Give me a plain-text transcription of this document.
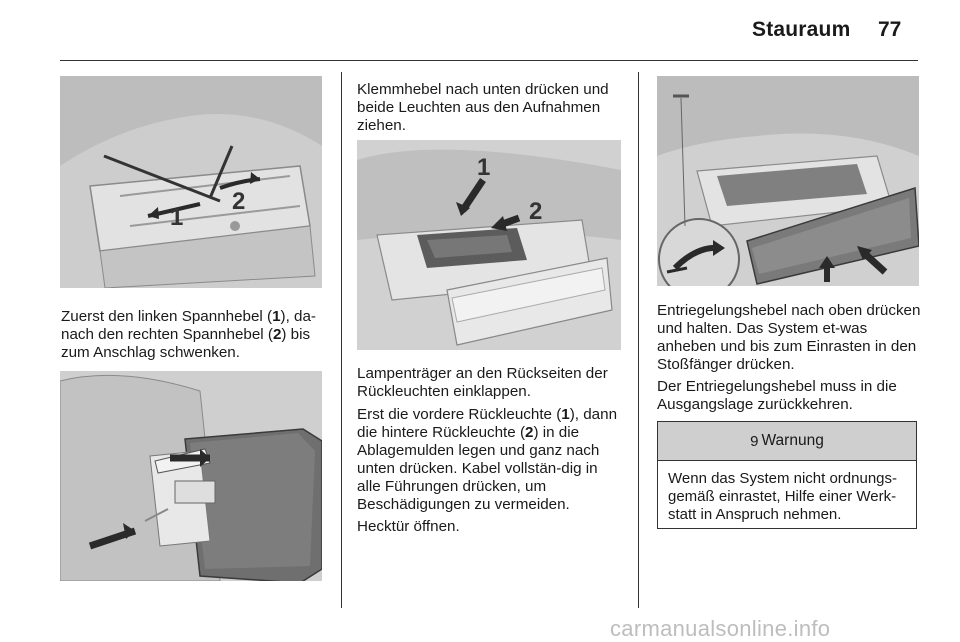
Stauraum 77
1
2

Zuerst den linken Spannhebel (1), da-nach den rechten Spannhebel (2) bis zum Anschlag schwenken.

Klemmhebel nach unten drücken und beide Leuchten aus den Aufnahmen ziehen.

1
2

Lampenträger an den Rückseiten der Rückleuchten einklappen.

Erst die vordere Rückleuchte (1), dann die hintere Rückleuchte (2) in die Ablagemulden legen und ganz nach unten drücken. Kabel vollstän-dig in alle Führungen drücken, um Beschädigungen zu vermeiden.

Hecktür öffnen.

Entriegelungshebel nach oben drücken und halten. Das System et-was anheben und bis zum Einrasten in den Stoßfänger drücken.

Der Entriegelungshebel muss in die Ausgangslage zurückkehren.

9 Warnung

Wenn das System nicht ordnungs-gemäß einrastet, Hilfe einer Werk-statt in Anspruch nehmen.

carmanualsonline.info
